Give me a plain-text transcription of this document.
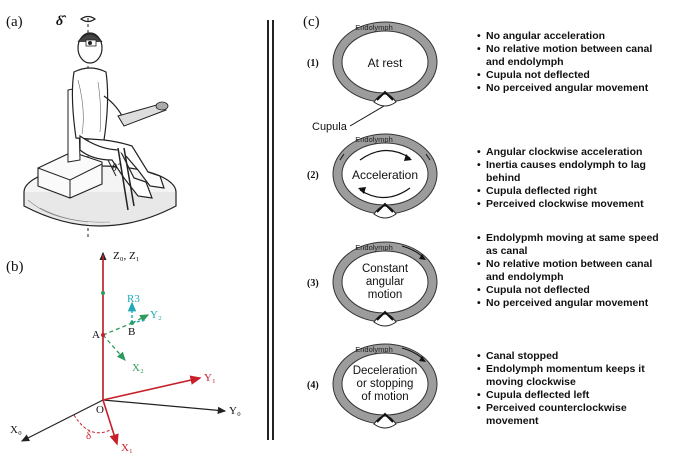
(a)
(b)
(c)
δ̂
θ̂
Z₀, Z₁
Y₀
Y₁
X₀
X₁
X₂
Y₂
R3
A	B
O
δ
(1)
Endolymph
At rest
Cupula
• No angular acceleration
• No relative motion between canal and endolymph
• Cupula not deflected
• No perceived angular movement
(2)
Endolymph
Acceleration
• Angular clockwise acceleration
• Inertia causes endolymph to lag behind
• Cupula deflected right
• Perceived clockwise movement
(3)
Endolymph
Constant
angular
motion
• Endolypmh moving at same speed as canal
• No relative motion between canal and endolymph
• Cupula not deflected
• No perceived angular movement
(4)
Endolymph
Deceleration
or stopping
of motion
• Canal stopped
• Endolymph momentum keeps it moving clockwise
• Cupula deflected left
• Perceived counterclockwise movement
